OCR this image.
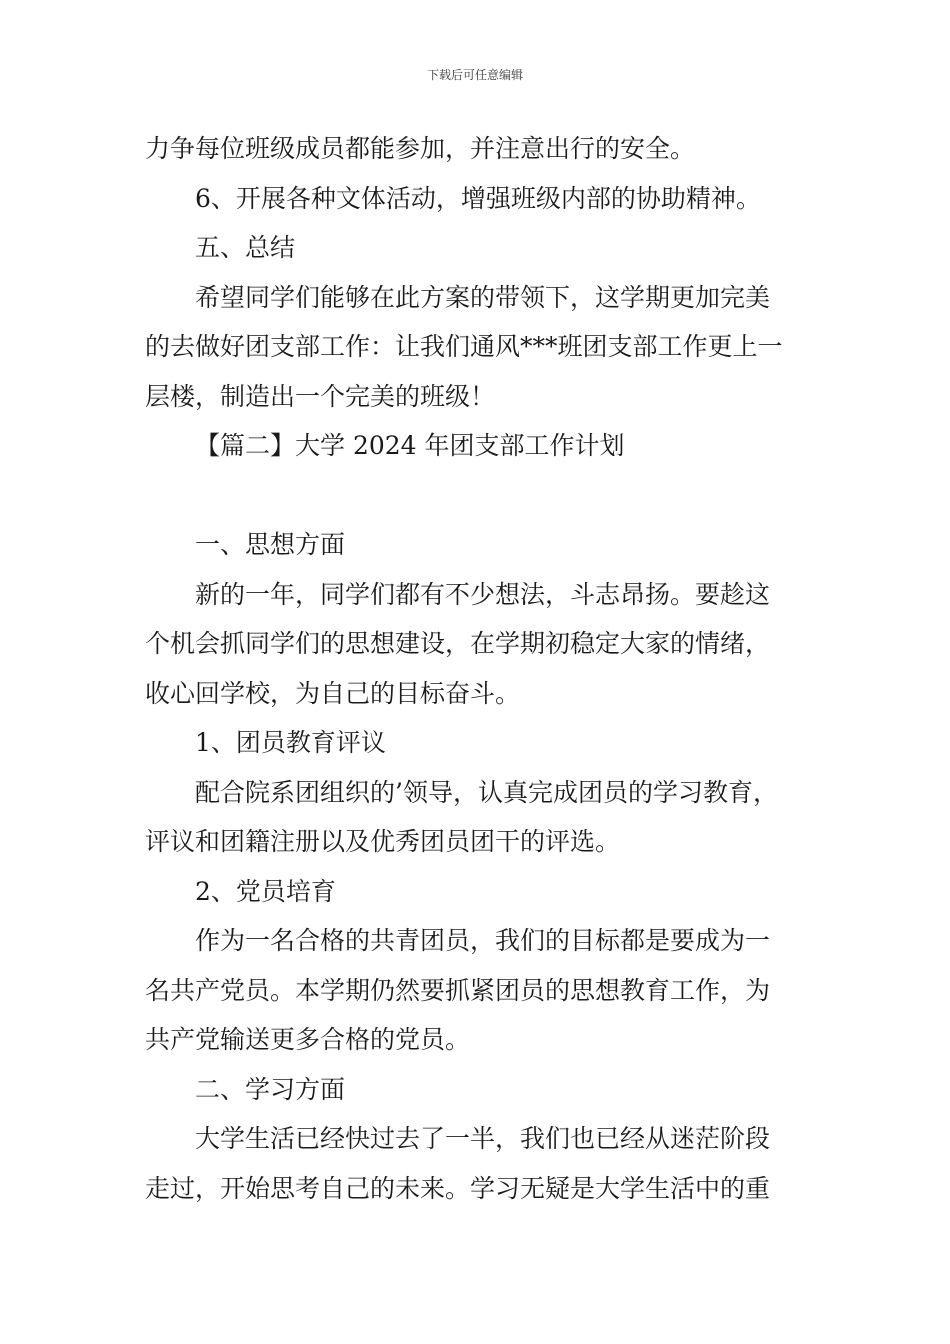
下载后可任意编辑
力争每位班级成员都能参加，并注意出行的安全。
6、开展各种文体活动，增强班级内部的协助精神。
五、总结
希望同学们能够在此方案的带领下，这学期更加完美
的去做好团支部工作：让我们通风***班团支部工作更上一
层楼，制造出一个完美的班级！
【篇二】大学 2024 年团支部工作计划
一、思想方面
新的一年，同学们都有不少想法，斗志昂扬。要趁这
个机会抓同学们的思想建设，在学期初稳定大家的情绪，
收心回学校，为自己的目标奋斗。
1、团员教育评议
配合院系团组织的’领导，认真完成团员的学习教育，
评议和团籍注册以及优秀团员团干的评选。
2、党员培育
作为一名合格的共青团员，我们的目标都是要成为一
名共产党员。本学期仍然要抓紧团员的思想教育工作，为
共产党输送更多合格的党员。
二、学习方面
大学生活已经快过去了一半，我们也已经从迷茫阶段
走过，开始思考自己的未来。学习无疑是大学生活中的重
